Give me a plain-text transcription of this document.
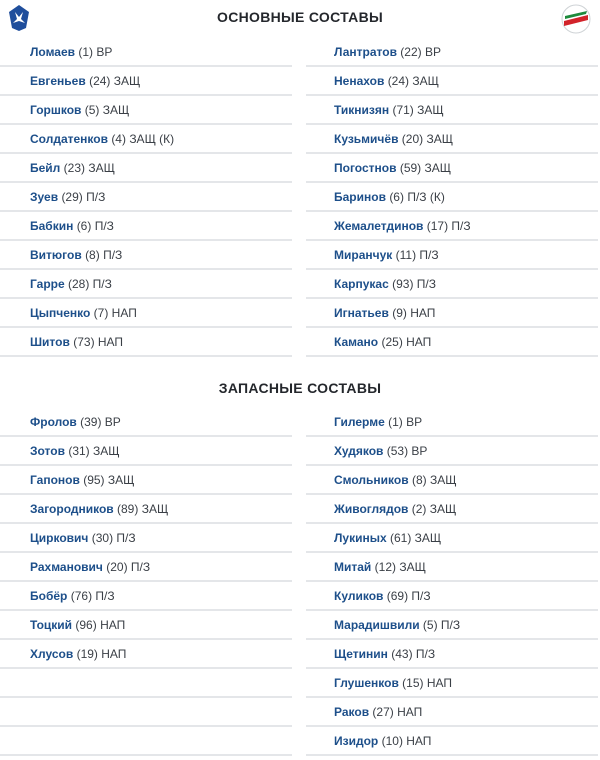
ОСНОВНЫЕ СОСТАВЫ
Ломаев (1) ВР
Евгеньев (24) ЗАЩ
Горшков (5) ЗАЩ
Солдатенков (4) ЗАЩ (К)
Бейл (23) ЗАЩ
Зуев (29) П/З
Бабкин (6) П/З
Витюгов (8) П/З
Гарре (28) П/З
Цыпченко (7) НАП
Шитов (73) НАП
Лантратов (22) ВР
Ненахов (24) ЗАЩ
Тикнизян (71) ЗАЩ
Кузьмичёв (20) ЗАЩ
Погостнов (59) ЗАЩ
Баринов (6) П/З (К)
Жемалетдинов (17) П/З
Миранчук (11) П/З
Карпукас (93) П/З
Игнатьев (9) НАП
Камано (25) НАП
ЗАПАСНЫЕ СОСТАВЫ
Фролов (39) ВР
Зотов (31) ЗАЩ
Гапонов (95) ЗАЩ
Загородников (89) ЗАЩ
Циркович (30) П/З
Рахманович (20) П/З
Бобёр (76) П/З
Тоцкий (96) НАП
Хлусов (19) НАП
Гилерме (1) ВР
Худяков (53) ВР
Смольников (8) ЗАЩ
Живоглядов (2) ЗАЩ
Лукиных (61) ЗАЩ
Митай (12) ЗАЩ
Куликов (69) П/З
Марадишвили (5) П/З
Щетинин (43) П/З
Глушенков (15) НАП
Раков (27) НАП
Изидор (10) НАП
